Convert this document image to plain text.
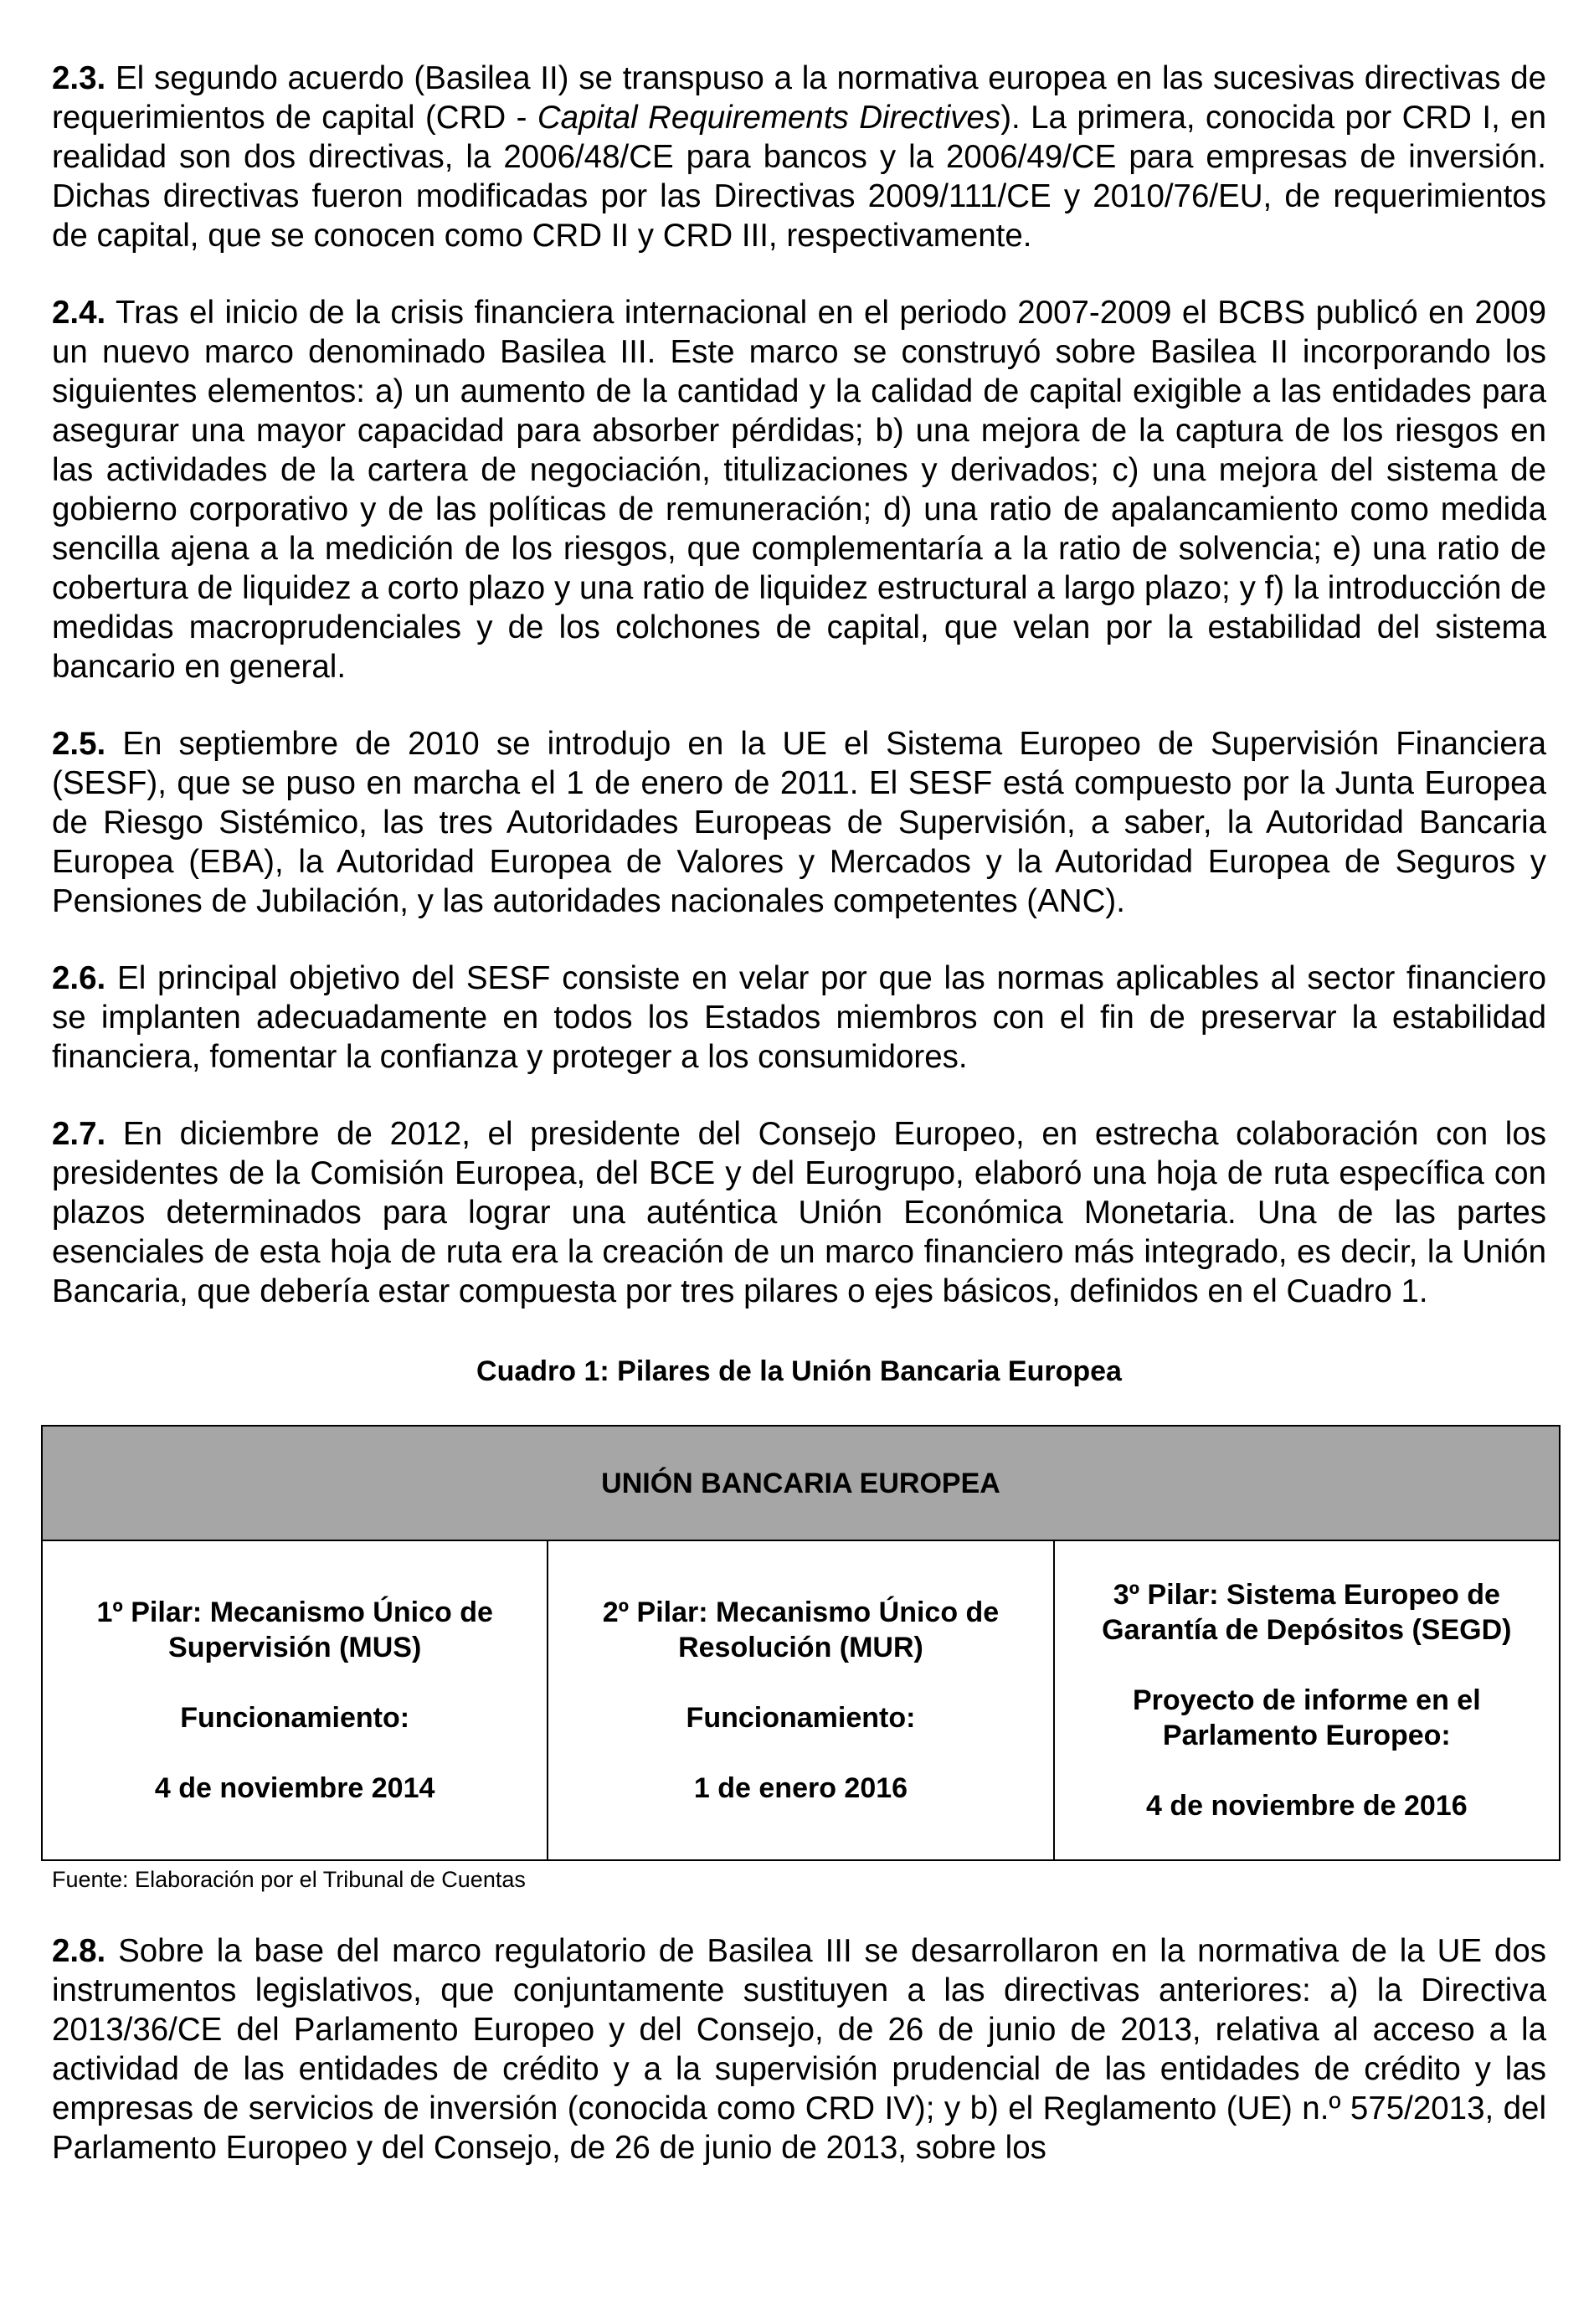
2.3. El segundo acuerdo (Basilea II) se transpuso a la normativa europea en las sucesivas directivas de requerimientos de capital (CRD - Capital Requirements Directives). La primera, conocida por CRD I, en realidad son dos directivas, la 2006/48/CE para bancos y la 2006/49/CE para empresas de inversión. Dichas directivas fueron modificadas por las Directivas 2009/111/CE y 2010/76/EU, de requerimientos de capital, que se conocen como CRD II y CRD III, respectivamente.

2.4. Tras el inicio de la crisis financiera internacional en el periodo 2007-2009 el BCBS publicó en 2009 un nuevo marco denominado Basilea III. Este marco se construyó sobre Basilea II incorporando los siguientes elementos: a) un aumento de la cantidad y la calidad de capital exigible a las entidades para asegurar una mayor capacidad para absorber pérdidas; b) una mejora de la captura de los riesgos en las actividades de la cartera de negociación, titulizaciones y derivados; c) una mejora del sistema de gobierno corporativo y de las políticas de remuneración; d) una ratio de apalancamiento como medida sencilla ajena a la medición de los riesgos, que complementaría a la ratio de solvencia; e) una ratio de cobertura de liquidez a corto plazo y una ratio de liquidez estructural a largo plazo; y f) la introducción de medidas macroprudenciales y de los colchones de capital, que velan por la estabilidad del sistema bancario en general.

2.5. En septiembre de 2010 se introdujo en la UE el Sistema Europeo de Supervisión Financiera (SESF), que se puso en marcha el 1 de enero de 2011. El SESF está compuesto por la Junta Europea de Riesgo Sistémico, las tres Autoridades Europeas de Supervisión, a saber, la Autoridad Bancaria Europea (EBA), la Autoridad Europea de Valores y Mercados y la Autoridad Europea de Seguros y Pensiones de Jubilación, y las autoridades nacionales competentes (ANC).

2.6. El principal objetivo del SESF consiste en velar por que las normas aplicables al sector financiero se implanten adecuadamente en todos los Estados miembros con el fin de preservar la estabilidad financiera, fomentar la confianza y proteger a los consumidores.

2.7. En diciembre de 2012, el presidente del Consejo Europeo, en estrecha colaboración con los presidentes de la Comisión Europea, del BCE y del Eurogrupo, elaboró una hoja de ruta específica con plazos determinados para lograr una auténtica Unión Económica Monetaria. Una de las partes esenciales de esta hoja de ruta era la creación de un marco financiero más integrado, es decir, la Unión Bancaria, que debería estar compuesta por tres pilares o ejes básicos, definidos en el Cuadro 1.

Cuadro 1: Pilares de la Unión Bancaria Europea
UNIÓN BANCARIA EUROPEA

1º Pilar: Mecanismo Único de Supervisión (MUS)
Funcionamiento:
4 de noviembre 2014

2º Pilar: Mecanismo Único de Resolución (MUR)
Funcionamiento:
1 de enero 2016

3º Pilar: Sistema Europeo de Garantía de Depósitos (SEGD)
Proyecto de informe en el Parlamento Europeo:
4 de noviembre de 2016
Fuente: Elaboración por el Tribunal de Cuentas

2.8. Sobre la base del marco regulatorio de Basilea III se desarrollaron en la normativa de la UE dos instrumentos legislativos, que conjuntamente sustituyen a las directivas anteriores: a) la Directiva 2013/36/CE del Parlamento Europeo y del Consejo, de 26 de junio de 2013, relativa al acceso a la actividad de las entidades de crédito y a la supervisión prudencial de las entidades de crédito y las empresas de servicios de inversión (conocida como CRD IV); y b) el Reglamento (UE) n.º 575/2013, del Parlamento Europeo y del Consejo, de 26 de junio de 2013, sobre los
